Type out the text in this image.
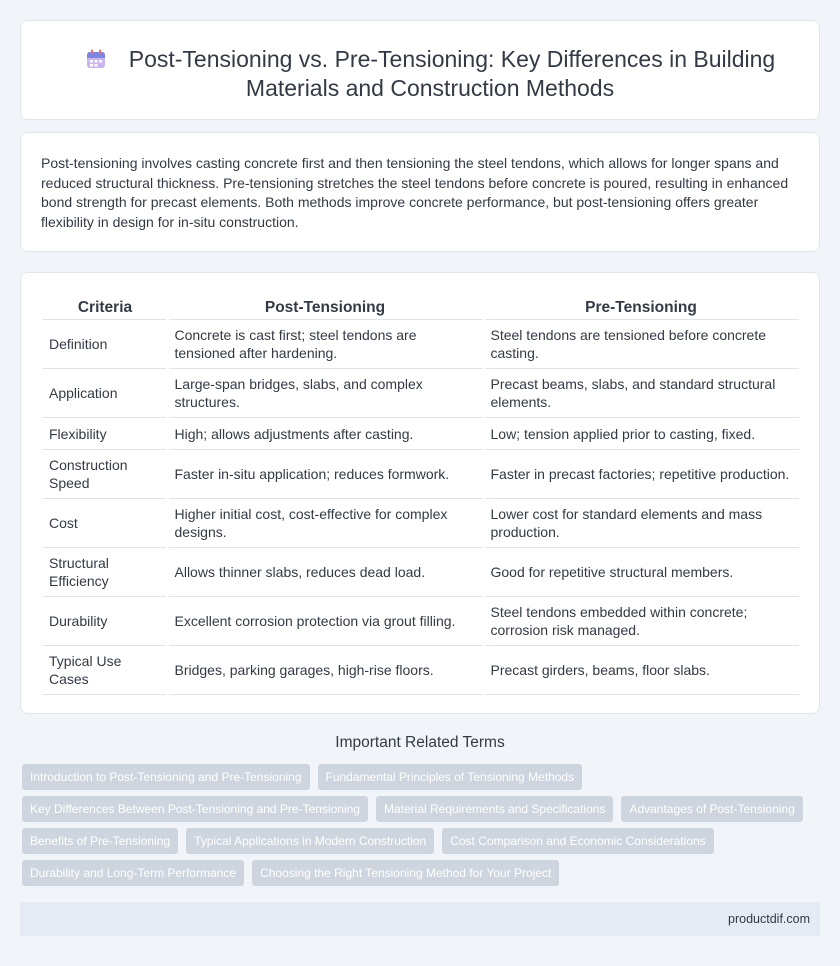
Post-Tensioning vs. Pre-Tensioning: Key Differences in Building Materials and Construction Methods

Post-tensioning involves casting concrete first and then tensioning the steel tendons, which allows for longer spans and reduced structural thickness. Pre-tensioning stretches the steel tendons before concrete is poured, resulting in enhanced bond strength for precast elements. Both methods improve concrete performance, but post-tensioning offers greater flexibility in design for in-situ construction.

Criteria	Post-Tensioning	Pre-Tensioning
Definition	Concrete is cast first; steel tendons are tensioned after hardening.	Steel tendons are tensioned before concrete casting.
Application	Large-span bridges, slabs, and complex structures.	Precast beams, slabs, and standard structural elements.
Flexibility	High; allows adjustments after casting.	Low; tension applied prior to casting, fixed.
Construction Speed	Faster in-situ application; reduces formwork.	Faster in precast factories; repetitive production.
Cost	Higher initial cost, cost-effective for complex designs.	Lower cost for standard elements and mass production.
Structural Efficiency	Allows thinner slabs, reduces dead load.	Good for repetitive structural members.
Durability	Excellent corrosion protection via grout filling.	Steel tendons embedded within concrete; corrosion risk managed.
Typical Use Cases	Bridges, parking garages, high-rise floors.	Precast girders, beams, floor slabs.
Important Related Terms
Introduction to Post-Tensioning and Pre-Tensioning	Fundamental Principles of Tensioning Methods
Key Differences Between Post-Tensioning and Pre-Tensioning	Material Requirements and Specifications	Advantages of Post-Tensioning
Benefits of Pre-Tensioning	Typical Applications in Modern Construction	Cost Comparison and Economic Considerations
Durability and Long-Term Performance	Choosing the Right Tensioning Method for Your Project
productdif.com
